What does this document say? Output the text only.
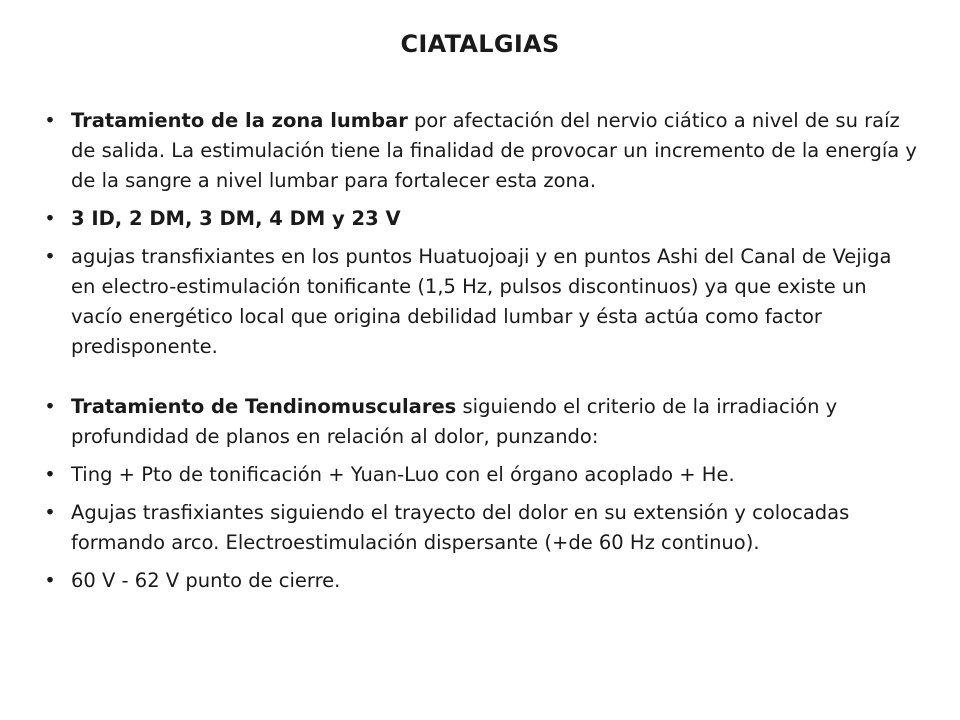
CIATALGIAS
• Tratamiento de la zona lumbar por afectación del nervio ciático a nivel de su raíz de salida. La estimulación tiene la finalidad de provocar un incremento de la energía y de la sangre a nivel lumbar para fortalecer esta zona.
• 3 ID, 2 DM, 3 DM, 4 DM y 23 V
• agujas transfixiantes en los puntos Huatuojoaji y en puntos Ashi del Canal de Vejiga en electro-estimulación tonificante (1,5 Hz, pulsos discontinuos) ya que existe un vacío energético local que origina debilidad lumbar y ésta actúa como factor predisponente.
• Tratamiento de Tendinomusculares siguiendo el criterio de la irradiación y profundidad de planos en relación al dolor, punzando:
• Ting + Pto de tonificación + Yuan-Luo con el órgano acoplado + He.
• Agujas trasfixiantes siguiendo el trayecto del dolor en su extensión y colocadas formando arco. Electroestimulación dispersante (+de 60 Hz continuo).
• 60 V - 62 V punto de cierre.
